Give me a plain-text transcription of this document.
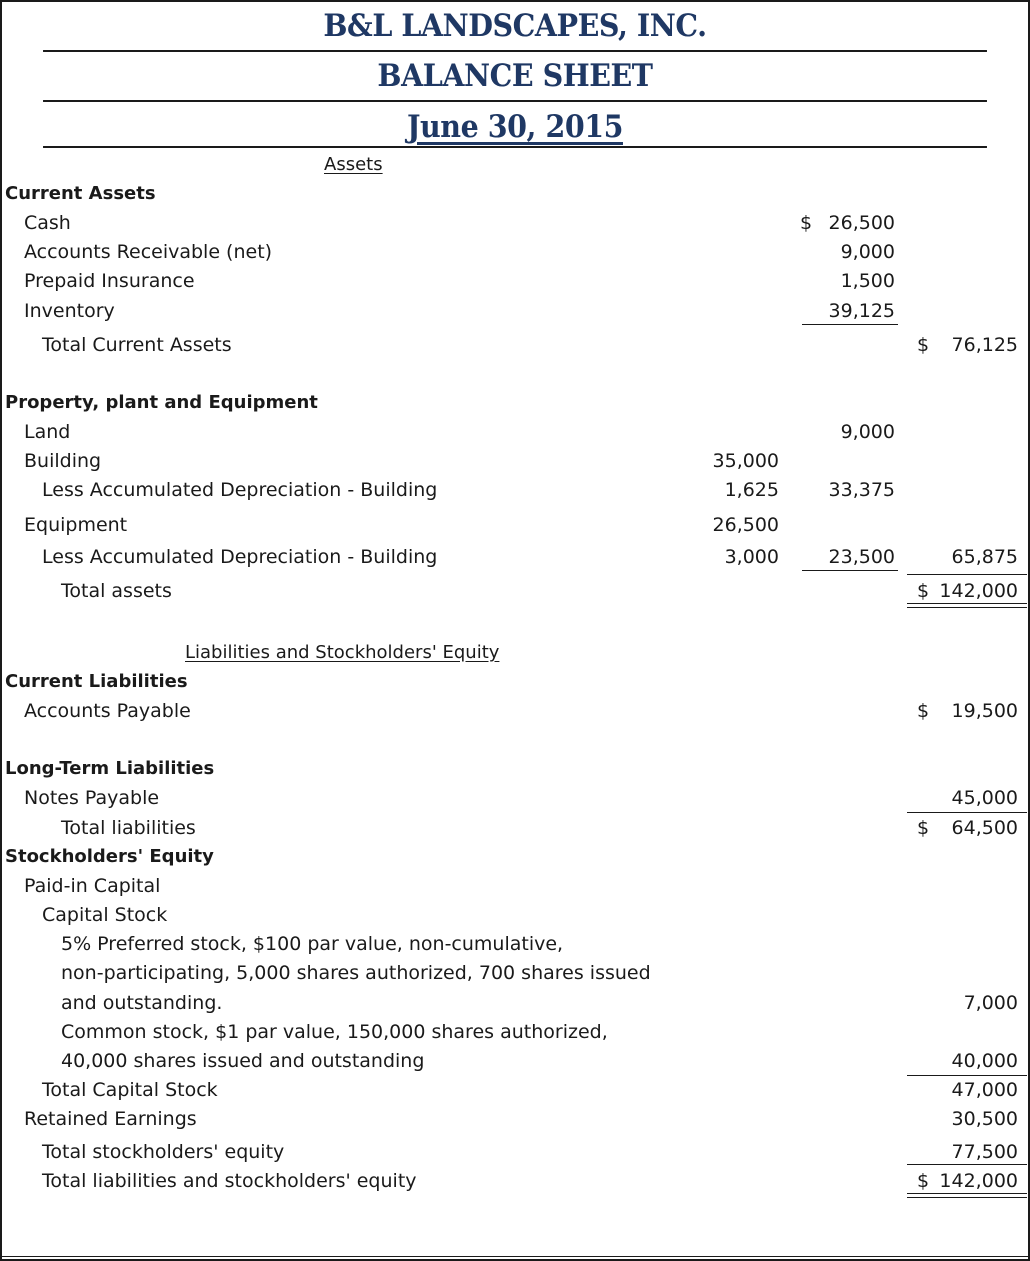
B&L LANDSCAPES, INC.
BALANCE SHEET
June 30, 2015
Assets
Current Assets
Cash	$ 26,500
Accounts Receivable (net)	9,000
Prepaid Insurance	1,500
Inventory	39,125
Total Current Assets	$ 76,125
Property, plant and Equipment
Land	9,000
Building	35,000
Less Accumulated Depreciation - Building	1,625	33,375
Equipment	26,500
Less Accumulated Depreciation - Building	3,000	23,500	65,875
Total assets	$ 142,000
Liabilities and Stockholders' Equity
Current Liabilities
Accounts Payable	$ 19,500
Long-Term Liabilities
Notes Payable	45,000
Total liabilities	$ 64,500
Stockholders' Equity
Paid-in Capital
Capital Stock
5% Preferred stock, $100 par value, non-cumulative,
non-participating, 5,000 shares authorized, 700 shares issued
and outstanding.	7,000
Common stock, $1 par value, 150,000 shares authorized,
40,000 shares issued and outstanding	40,000
Total Capital Stock	47,000
Retained Earnings	30,500
Total stockholders' equity	77,500
Total liabilities and stockholders' equity	$ 142,000
